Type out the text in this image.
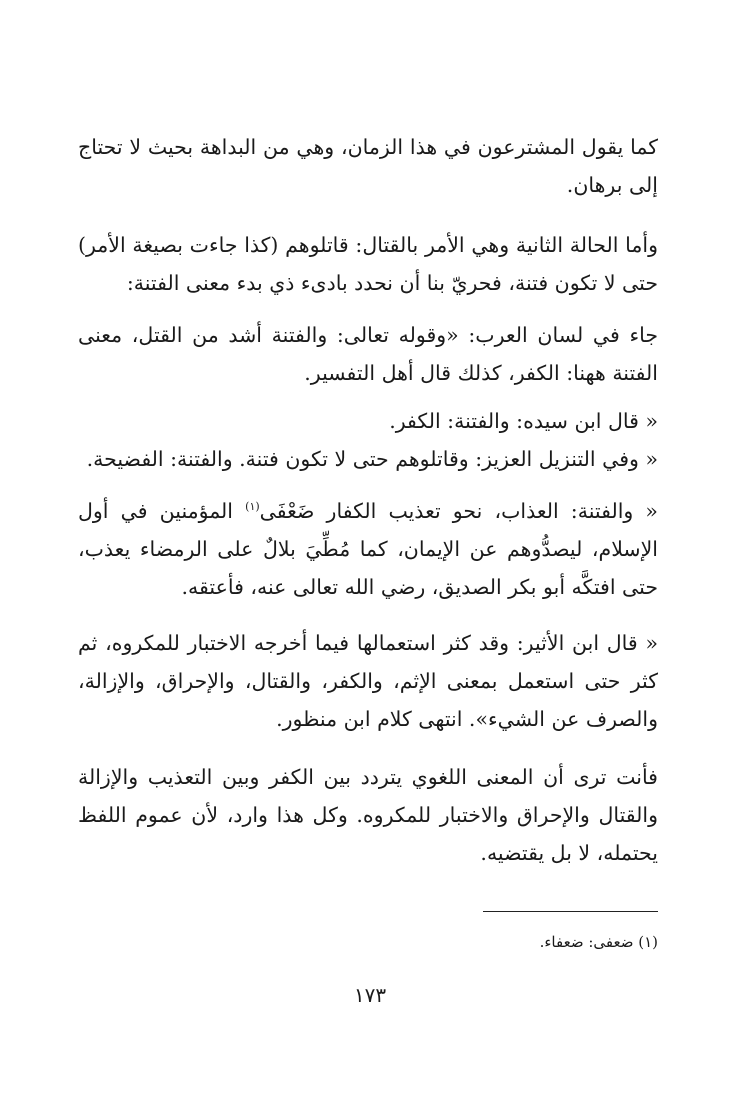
كما يقول المشترعون في هذا الزمان، وهي من البداهة بحيث لا تحتاج إلى برهان.

وأما الحالة الثانية وهي الأمر بالقتال: قاتلوهم (كذا جاءت بصيغة الأمر) حتى لا تكون فتنة، فحريّ بنا أن نحدد بادىء ذي بدء معنى الفتنة:

جاء في لسان العرب: «وقوله تعالى: والفتنة أشد من القتل، معنى الفتنة ههنا: الكفر، كذلك قال أهل التفسير.

« قال ابن سيده: والفتنة: الكفر.

« وفي التنزيل العزيز: وقاتلوهم حتى لا تكون فتنة. والفتنة: الفضيحة.

« والفتنة: العذاب، نحو تعذيب الكفار ضَعْفَى$^{(١)}$ المؤمنين في أول الإسلام، ليصدُّوهم عن الإيمان، كما مُطِّيَ بلالٌ على الرمضاء يعذب، حتى افتكَّه أبو بكر الصديق، رضي الله تعالى عنه، فأعتقه.

« قال ابن الأثير: وقد كثر استعمالها فيما أخرجه الاختبار للمكروه، ثم كثر حتى استعمل بمعنى الإثم، والكفر، والقتال، والإحراق، والإزالة، والصرف عن الشيء». انتهى كلام ابن منظور.

فأنت ترى أن المعنى اللغوي يتردد بين الكفر وبين التعذيب والإزالة والقتال والإحراق والاختبار للمكروه. وكل هذا وارد، لأن عموم اللفظ يحتمله، لا بل يقتضيه.

(١) ضعفى: ضعفاء.
١٧٣
